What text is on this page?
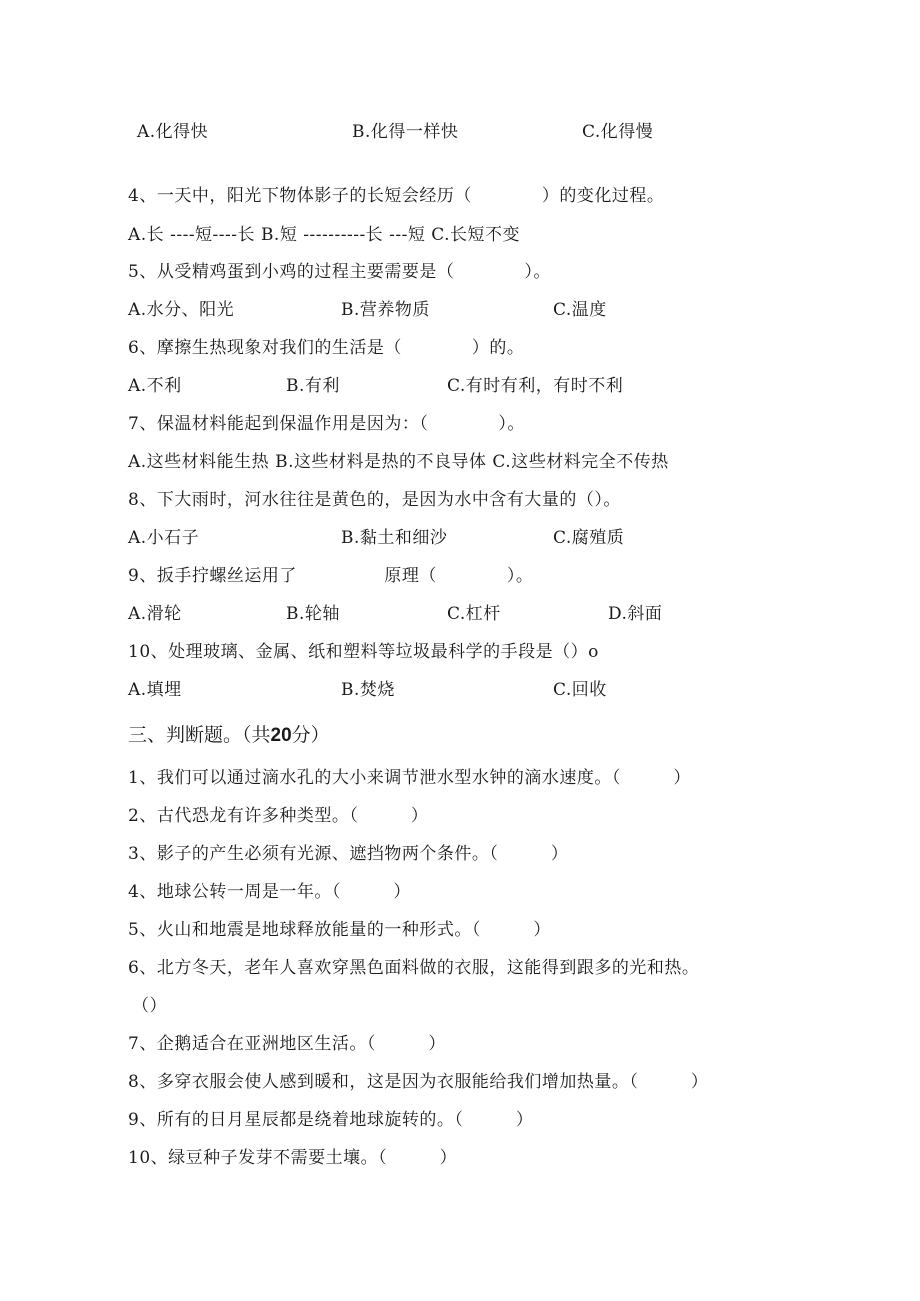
A.化得快	B.化得一样快	C.化得慢
4、一天中，阳光下物体影子的长短会经历（　　　　）的变化过程。
A.长 ----短----长 B.短 ----------长 ---短 C.长短不变
5、从受精鸡蛋到小鸡的过程主要需要是（　　　　）。
A.水分、阳光	B.营养物质	C.温度
6、摩擦生热现象对我们的生活是（　　　　）的。
A.不利	B.有利	C.有时有利，有时不利
7、保温材料能起到保温作用是因为：（　　　　）。
A.这些材料能生热 B.这些材料是热的不良导体 C.这些材料完全不传热
8、下大雨时，河水往往是黄色的，是因为水中含有大量的（）。
A.小石子	B.黏土和细沙	C.腐殖质
9、扳手拧螺丝运用了　　　　　原理（　　　　）。
A.滑轮	B.轮轴	C.杠杆	D.斜面
10、处理玻璃、金属、纸和塑料等垃圾最科学的手段是（）o
A.填埋	B.焚烧	C.回收
三、判断题。（共20分）
1、我们可以通过滴水孔的大小来调节泄水型水钟的滴水速度。（　　　）
2、古代恐龙有许多种类型。（　　　）
3、影子的产生必须有光源、遮挡物两个条件。（　　　）
4、地球公转一周是一年。（　　　）
5、火山和地震是地球释放能量的一种形式。（　　　）
6、北方冬天，老年人喜欢穿黑色面料做的衣服，这能得到跟多的光和热。
（）
7、企鹅适合在亚洲地区生活。（　　　）
8、多穿衣服会使人感到暖和，这是因为衣服能给我们增加热量。（　　　）
9、所有的日月星辰都是绕着地球旋转的。（　　　）
10、绿豆种子发芽不需要土壤。（　　　）
